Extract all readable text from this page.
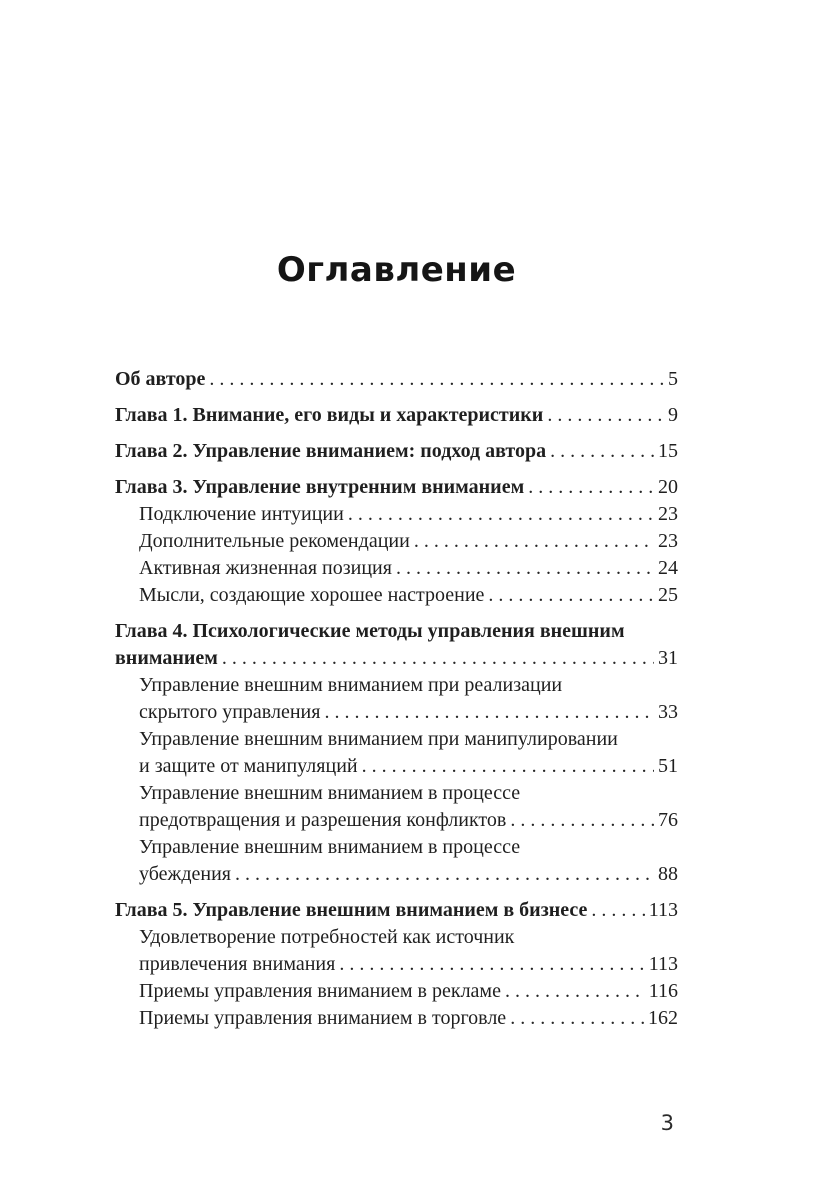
Оглавление
Об авторе . . .	5
Глава 1. Внимание, его виды и характеристики . . .	9
Глава 2. Управление вниманием: подход автора . . .	15
Глава 3. Управление внутренним вниманием . . .	20
Подключение интуиции . . .	23
Дополнительные рекомендации . . .	23
Активная жизненная позиция . . .	24
Мысли, создающие хорошее настроение . . .	25
Глава 4. Психологические методы управления внешним
вниманием . . .	31
Управление внешним вниманием при реализации
скрытого управления . . .	33
Управление внешним вниманием при манипулировании
и защите от манипуляций . . .	51
Управление внешним вниманием в процессе
предотвращения и разрешения конфликтов . . .	76
Управление внешним вниманием в процессе
убеждения . . .	88
Глава 5. Управление внешним вниманием в бизнесе . . .	113
Удовлетворение потребностей как источник
привлечения внимания . . .	113
Приемы управления вниманием в рекламе . . .	116
Приемы управления вниманием в торговле . . .	162
3
